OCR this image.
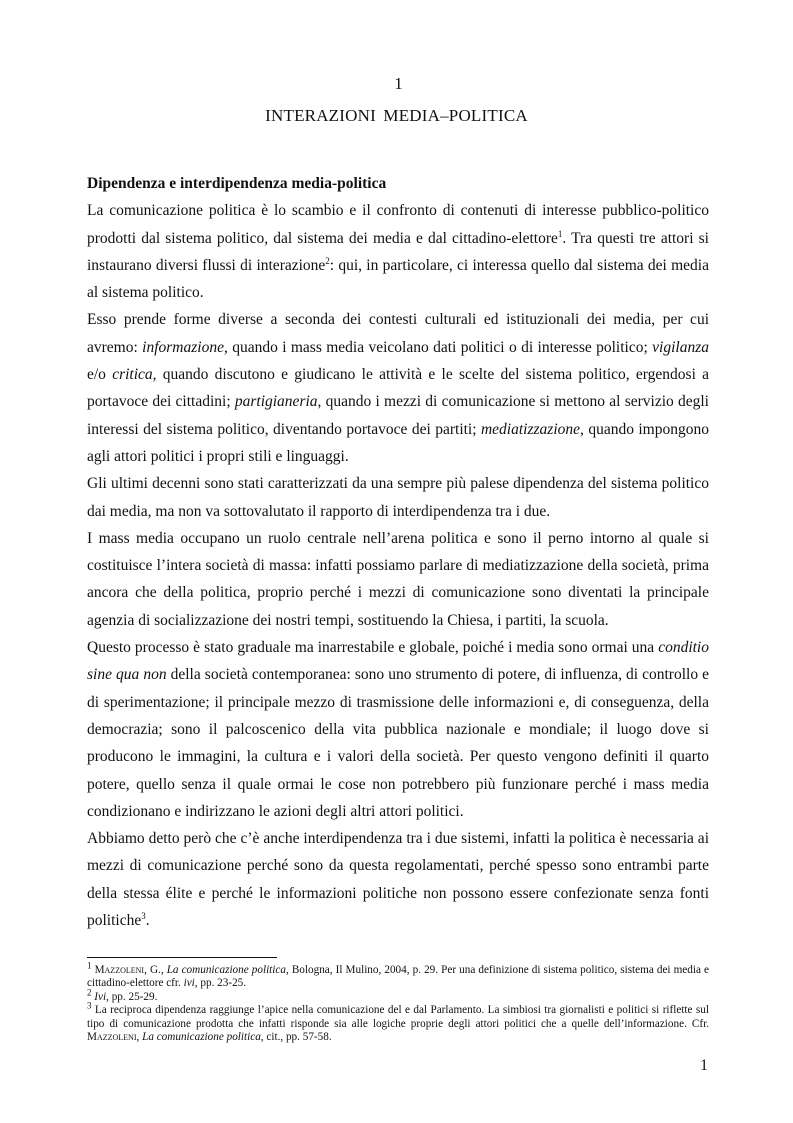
1
INTERAZIONI MEDIA–POLITICA

Dipendenza e interdipendenza media-politica

La comunicazione politica è lo scambio e il confronto di contenuti di interesse pubblico-politico prodotti dal sistema politico, dal sistema dei media e dal cittadino-elettore$^1$. Tra questi tre attori si instaurano diversi flussi di interazione$^2$: qui, in particolare, ci interessa quello dal sistema dei media al sistema politico.

Esso prende forme diverse a seconda dei contesti culturali ed istituzionali dei media, per cui avremo: informazione, quando i mass media veicolano dati politici o di interesse politico; vigilanza e/o critica, quando discutono e giudicano le attività e le scelte del sistema politico, ergendosi a portavoce dei cittadini; partigianeria, quando i mezzi di comunicazione si mettono al servizio degli interessi del sistema politico, diventando portavoce dei partiti; mediatizzazione, quando impongono agli attori politici i propri stili e linguaggi.

Gli ultimi decenni sono stati caratterizzati da una sempre più palese dipendenza del sistema politico dai media, ma non va sottovalutato il rapporto di interdipendenza tra i due.

I mass media occupano un ruolo centrale nell’arena politica e sono il perno intorno al quale si costituisce l’intera società di massa: infatti possiamo parlare di mediatizzazione della società, prima ancora che della politica, proprio perché i mezzi di comunicazione sono diventati la principale agenzia di socializzazione dei nostri tempi, sostituendo la Chiesa, i partiti, la scuola.

Questo processo è stato graduale ma inarrestabile e globale, poiché i media sono ormai una conditio sine qua non della società contemporanea: sono uno strumento di potere, di influenza, di controllo e di sperimentazione; il principale mezzo di trasmissione delle informazioni e, di conseguenza, della democrazia; sono il palcoscenico della vita pubblica nazionale e mondiale; il luogo dove si producono le immagini, la cultura e i valori della società. Per questo vengono definiti il quarto potere, quello senza il quale ormai le cose non potrebbero più funzionare perché i mass media condizionano e indirizzano le azioni degli altri attori politici.

Abbiamo detto però che c’è anche interdipendenza tra i due sistemi, infatti la politica è necessaria ai mezzi di comunicazione perché sono da questa regolamentati, perché spesso sono entrambi parte della stessa élite e perché le informazioni politiche non possono essere confezionate senza fonti politiche$^3$.

$^1$ Mazzoleni, G., La comunicazione politica, Bologna, Il Mulino, 2004, p. 29. Per una definizione di sistema politico, sistema dei media e cittadino-elettore cfr. ivi, pp. 23-25.

$^2$ Ivi, pp. 25-29.

$^3$ La reciproca dipendenza raggiunge l’apice nella comunicazione del e dal Parlamento. La simbiosi tra giornalisti e politici si riflette sul tipo di comunicazione prodotta che infatti risponde sia alle logiche proprie degli attori politici che a quelle dell’informazione. Cfr. Mazzoleni, La comunicazione politica, cit., pp. 57-58.

1
